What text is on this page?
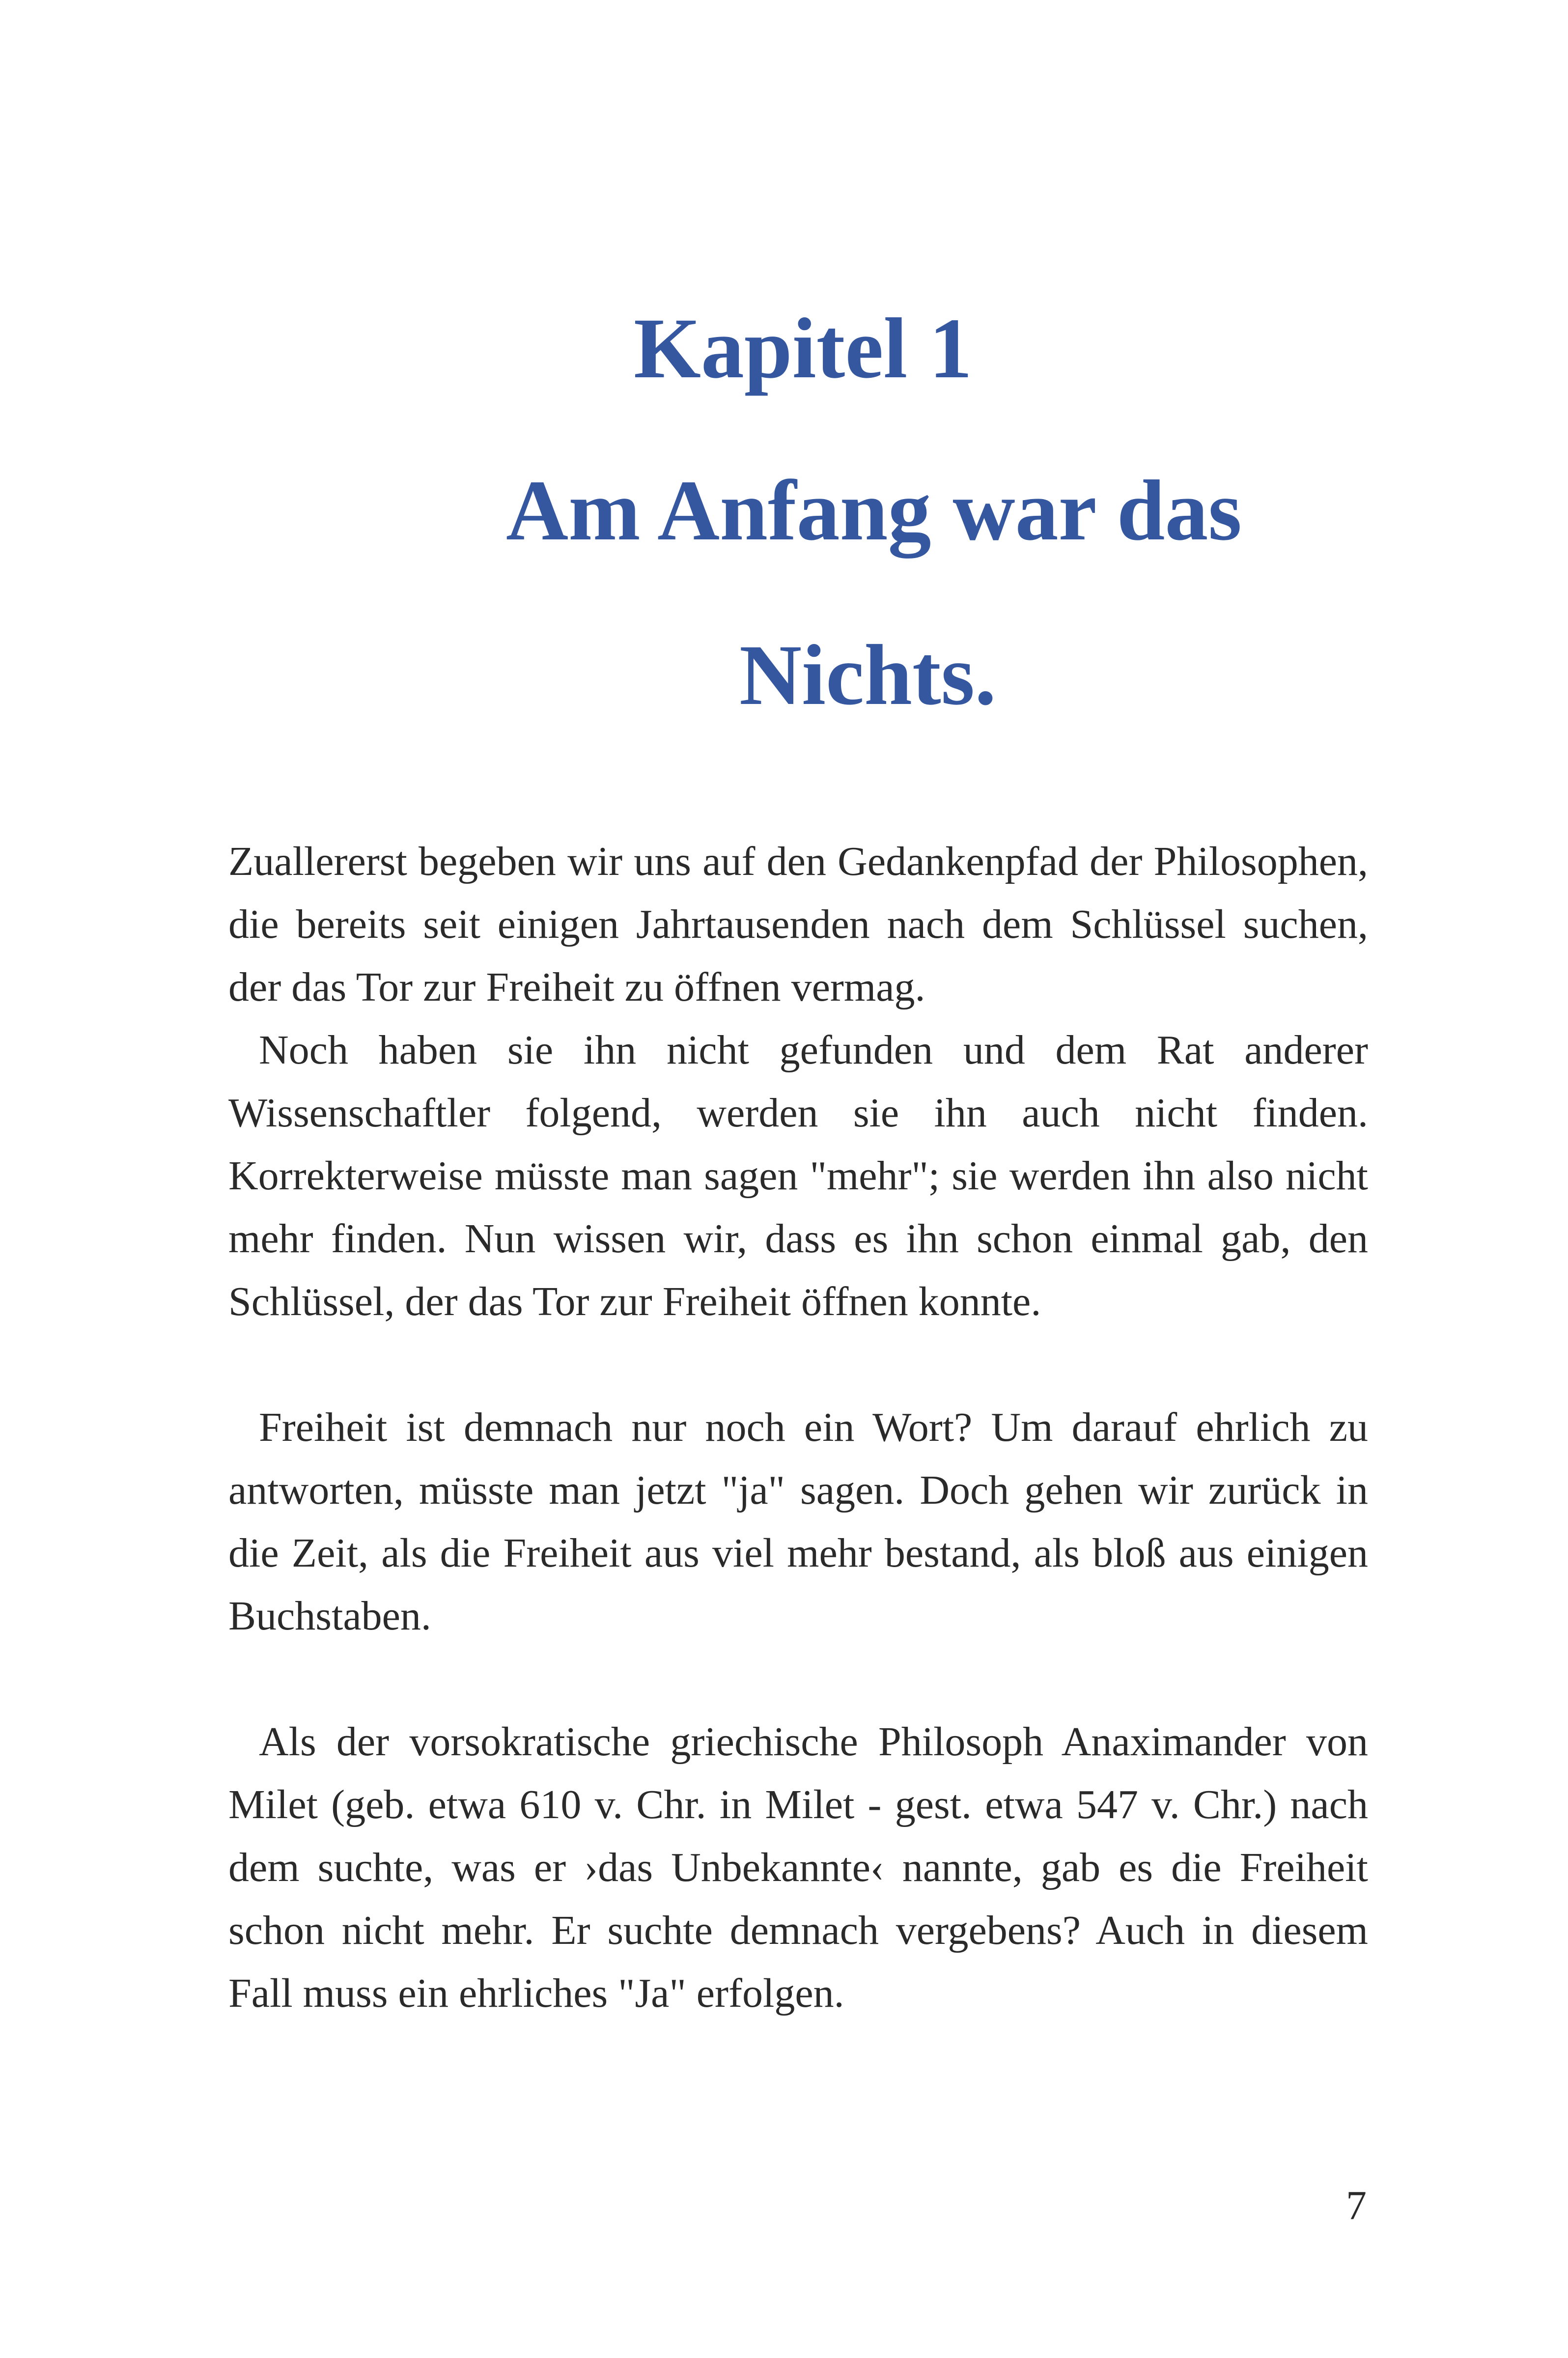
Kapitel 1
Am Anfang war das
Nichts.

Zuallererst begeben wir uns auf den Gedankenpfad der Philosophen, die bereits seit einigen Jahrtausenden nach dem Schlüssel suchen, der das Tor zur Freiheit zu öffnen vermag.

Noch haben sie ihn nicht gefunden und dem Rat anderer Wissenschaftler folgend, werden sie ihn auch nicht finden. Korrekterweise müsste man sagen "mehr"; sie werden ihn also nicht mehr finden. Nun wissen wir, dass es ihn schon einmal gab, den Schlüssel, der das Tor zur Freiheit öffnen konnte.

Freiheit ist demnach nur noch ein Wort? Um darauf ehrlich zu antworten, müsste man jetzt "ja" sagen. Doch gehen wir zurück in die Zeit, als die Freiheit aus viel mehr bestand, als bloß aus einigen Buchstaben.

Als der vorsokratische griechische Philosoph Anaximander von Milet (geb. etwa 610 v. Chr. in Milet - gest. etwa 547 v. Chr.) nach dem suchte, was er ›das Unbekannte‹ nannte, gab es die Freiheit schon nicht mehr. Er suchte demnach vergebens? Auch in diesem Fall muss ein ehrliches "Ja" erfolgen.

7
